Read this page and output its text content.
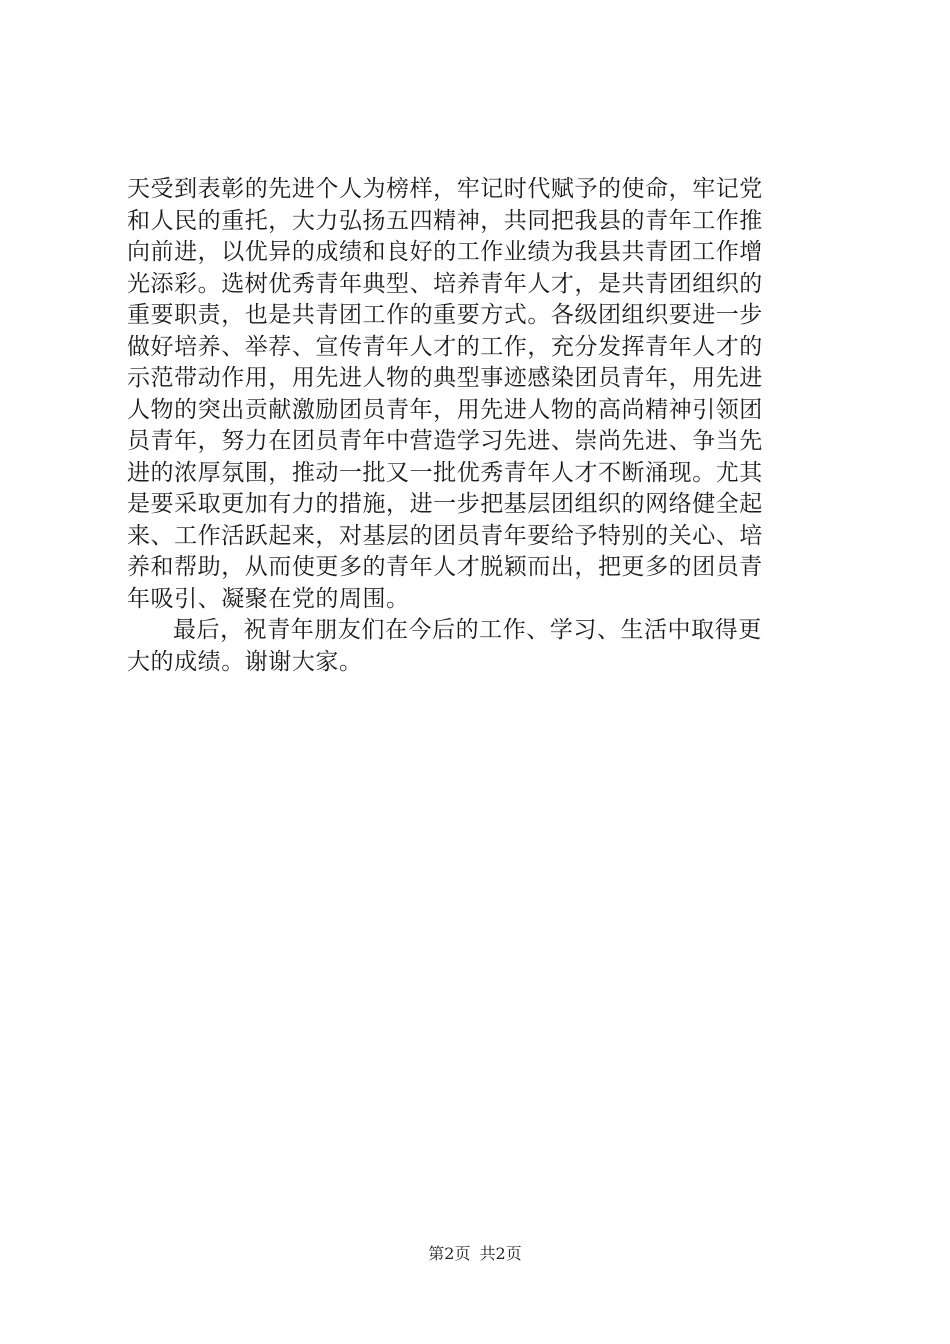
天受到表彰的先进个人为榜样，牢记时代赋予的使命，牢记党
和人民的重托，大力弘扬五四精神，共同把我县的青年工作推
向前进，以优异的成绩和良好的工作业绩为我县共青团工作增
光添彩。选树优秀青年典型、培养青年人才，是共青团组织的
重要职责，也是共青团工作的重要方式。各级团组织要进一步
做好培养、举荐、宣传青年人才的工作，充分发挥青年人才的
示范带动作用，用先进人物的典型事迹感染团员青年，用先进
人物的突出贡献激励团员青年，用先进人物的高尚精神引领团
员青年，努力在团员青年中营造学习先进、崇尚先进、争当先
进的浓厚氛围，推动一批又一批优秀青年人才不断涌现。尤其
是要采取更加有力的措施，进一步把基层团组织的网络健全起
来、工作活跃起来，对基层的团员青年要给予特别的关心、培
养和帮助，从而使更多的青年人才脱颖而出，把更多的团员青
年吸引、凝聚在党的周围。
最后，祝青年朋友们在今后的工作、学习、生活中取得更
大的成绩。谢谢大家。
第2页 共2页
